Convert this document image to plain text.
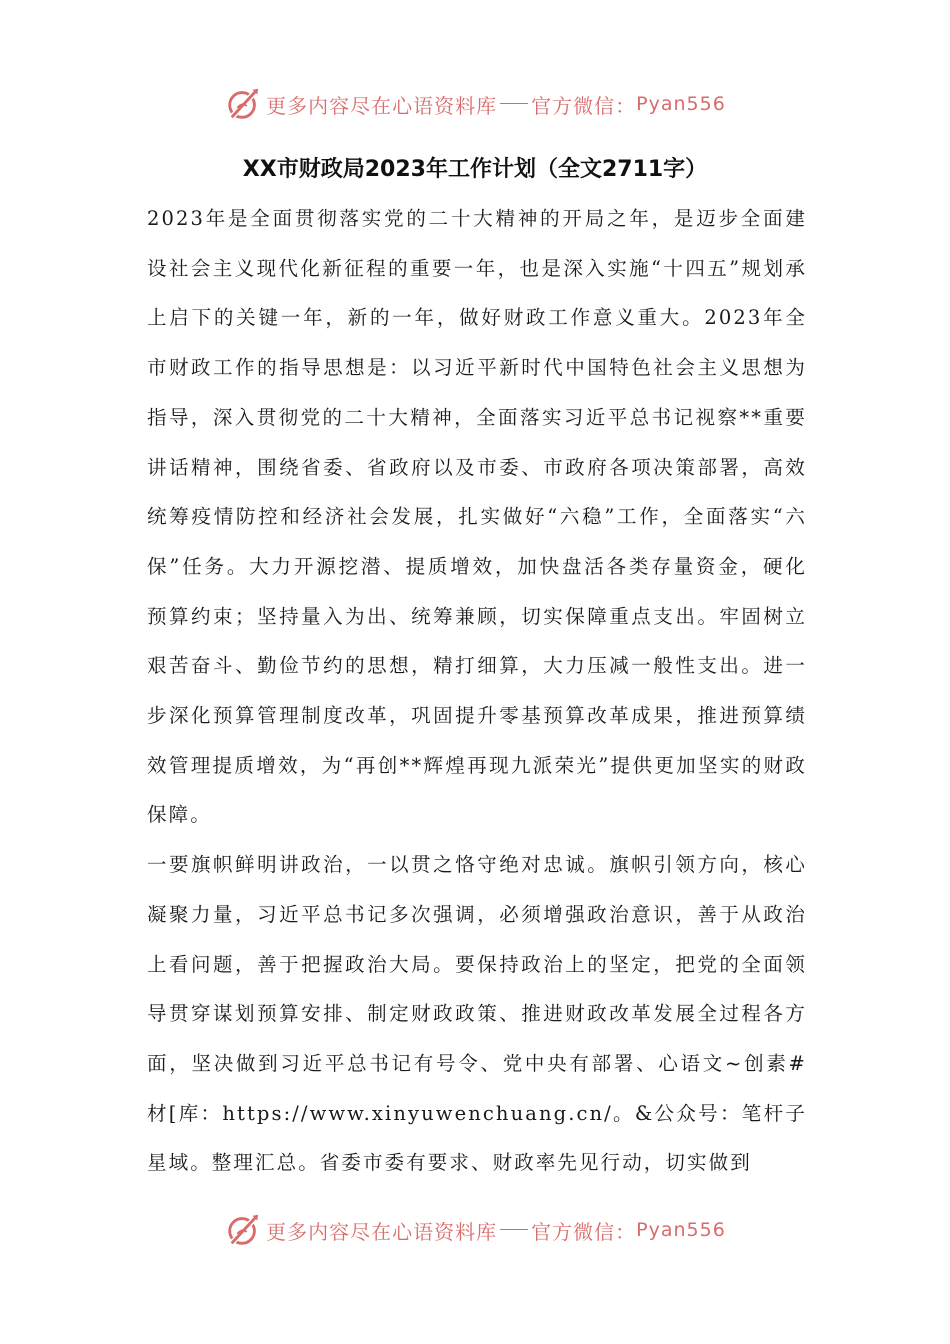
更多内容尽在心语资料库 官方微信： Pyan556
XX市财政局2023年工作计划（全文2711字）

2023年是全面贯彻落实党的二十大精神的开局之年，是迈步全面建设社会主义现代化新征程的重要一年，也是深入实施“十四五”规划承上启下的关键一年，新的一年，做好财政工作意义重大。2023年全市财政工作的指导思想是：以习近平新时代中国特色社会主义思想为指导，深入贯彻党的二十大精神，全面落实习近平总书记视察**重要讲话精神，围绕省委、省政府以及市委、市政府各项决策部署，高效统筹疫情防控和经济社会发展，扎实做好“六稳”工作，全面落实“六保”任务。大力开源挖潜、提质增效，加快盘活各类存量资金，硬化预算约束；坚持量入为出、统筹兼顾，切实保障重点支出。牢固树立艰苦奋斗、勤俭节约的思想，精打细算，大力压减一般性支出。进一步深化预算管理制度改革，巩固提升零基预算改革成果，推进预算绩效管理提质增效，为“再创**辉煌再现九派荣光”提供更加坚实的财政保障。

一要旗帜鲜明讲政治，一以贯之恪守绝对忠诚。旗帜引领方向，核心凝聚力量，习近平总书记多次强调，必须增强政治意识，善于从政治上看问题，善于把握政治大局。要保持政治上的坚定，把党的全面领导贯穿谋划预算安排、制定财政政策、推进财政改革发展全过程各方面，坚决做到习近平总书记有号令、党中央有部署、心语文~创素#材[库：https://www.xinyuwenchuang.cn/。&公众号：笔杆子星域。整理汇总。省委市委有要求、财政率先见行动，切实做到

更多内容尽在心语资料库 官方微信： Pyan556
